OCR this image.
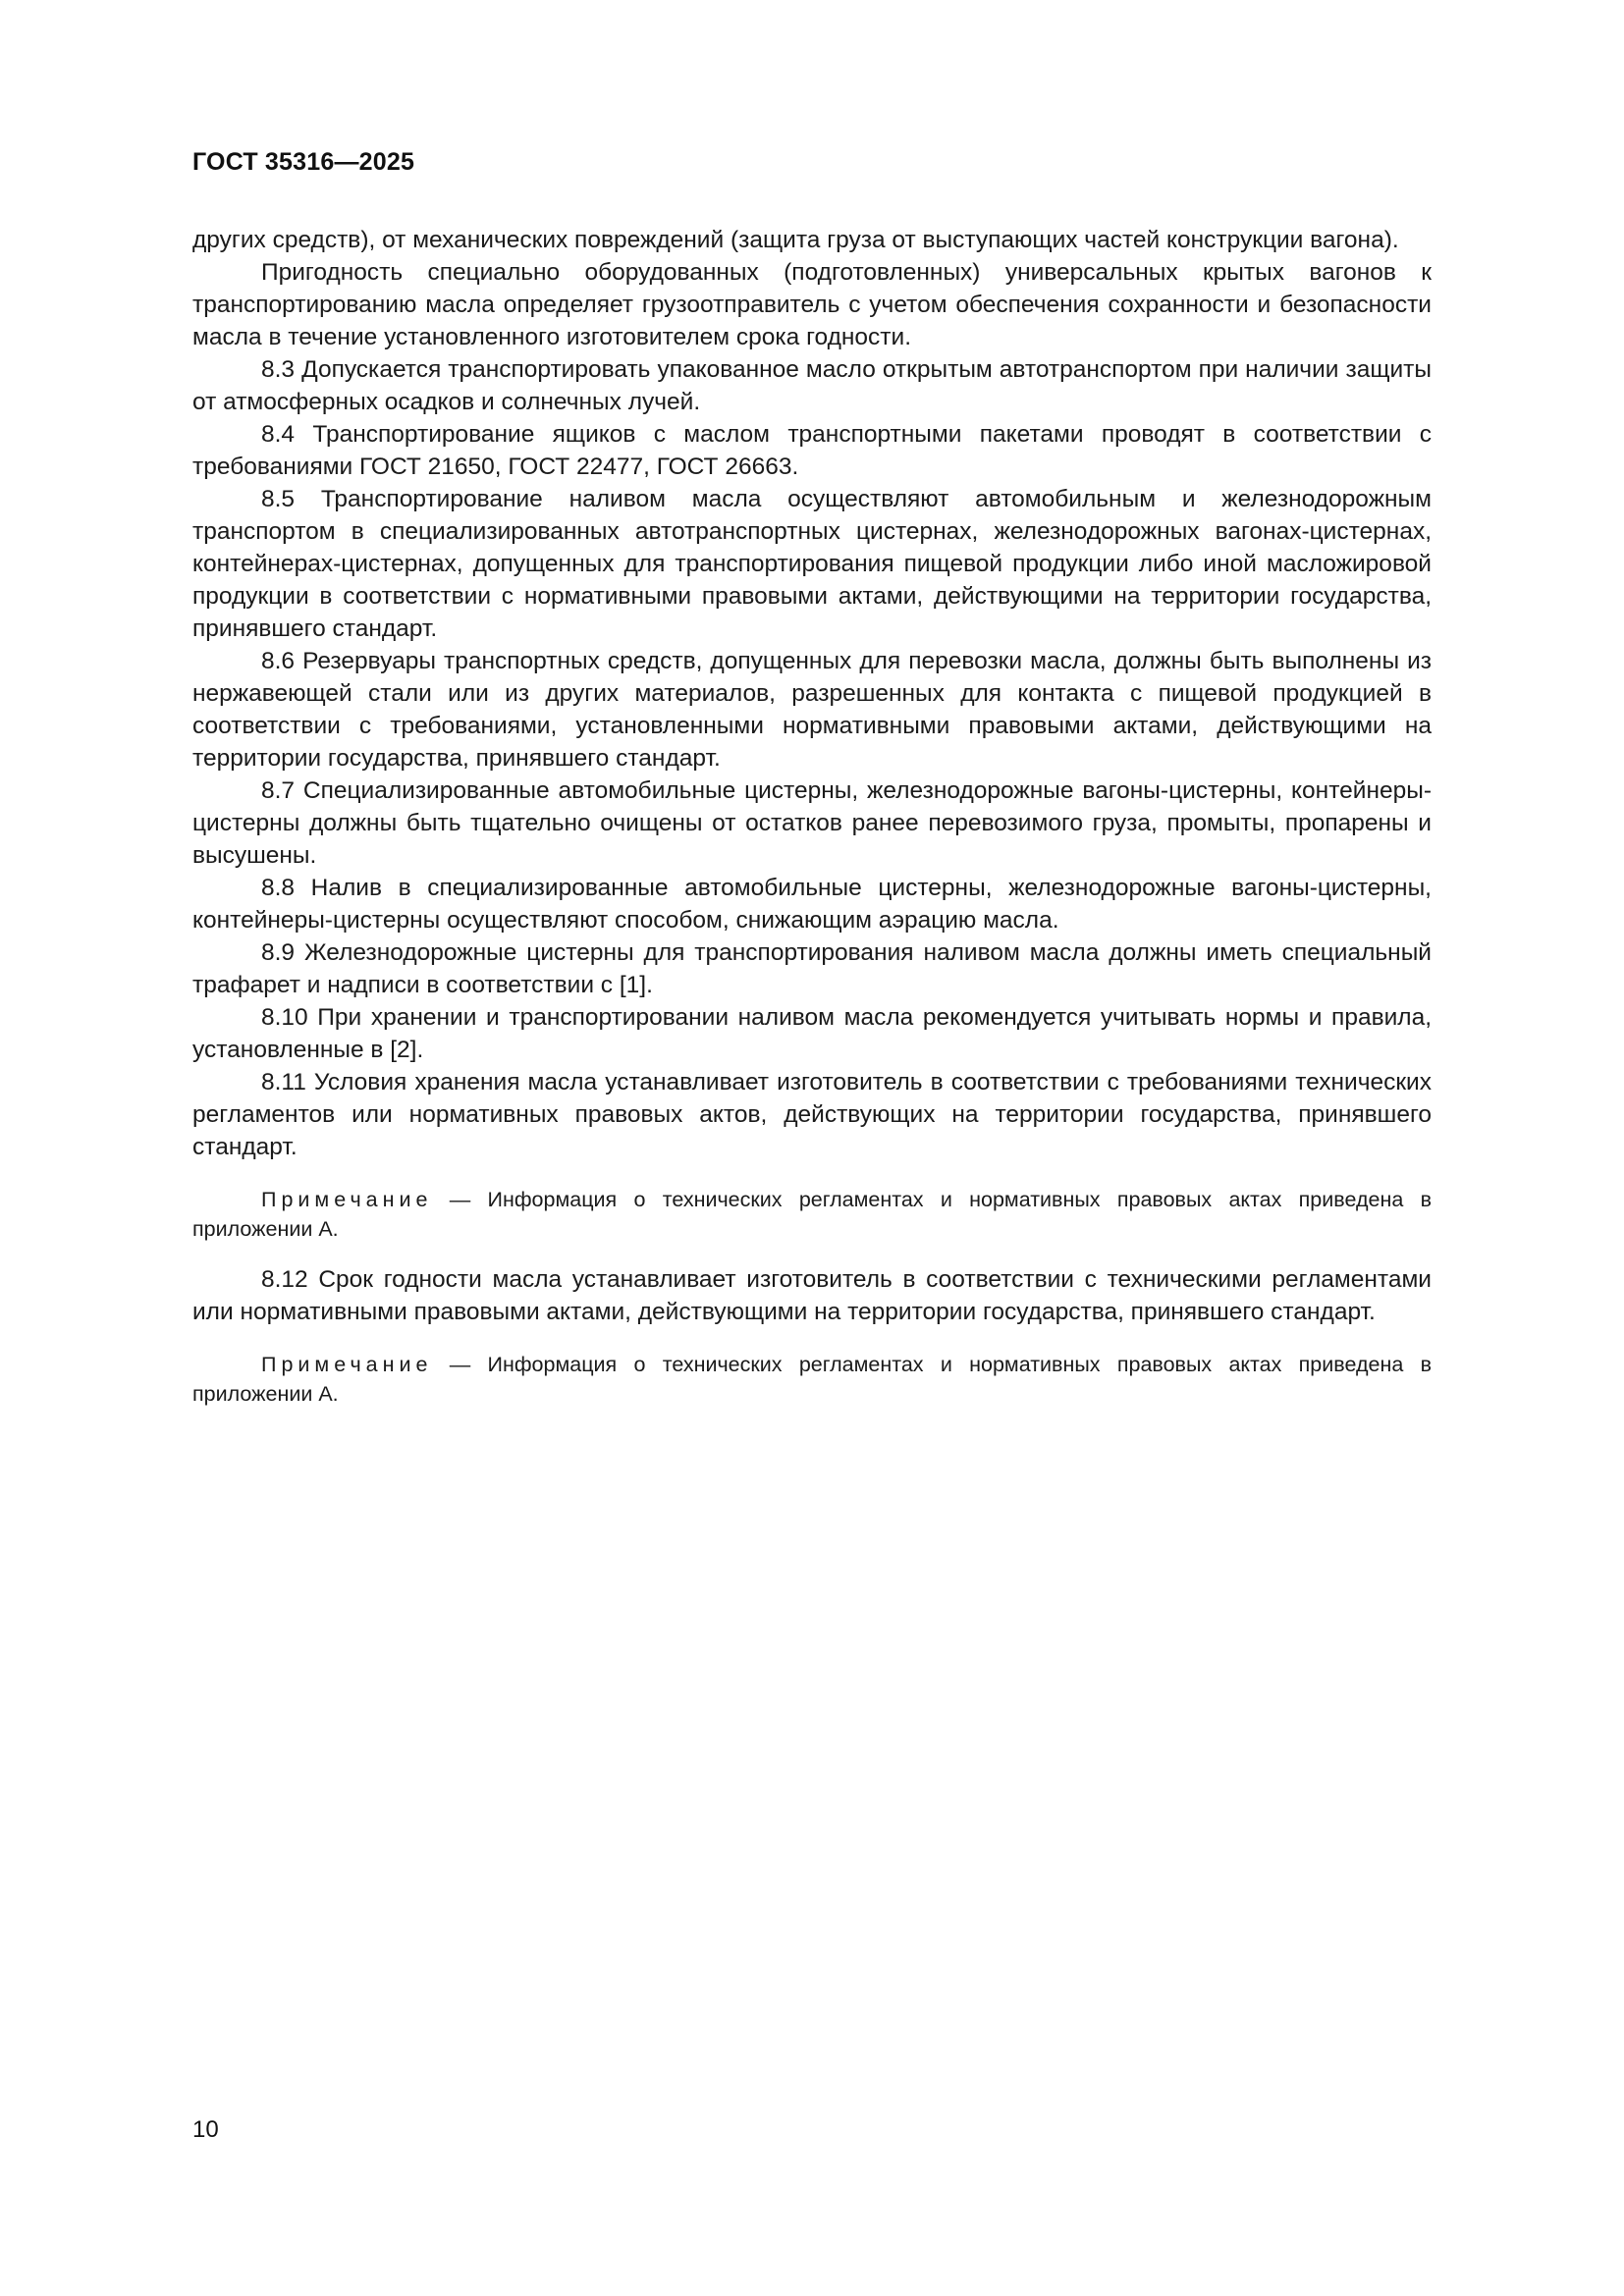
ГОСТ 35316—2025

других средств), от механических повреждений (защита груза от выступающих частей конструкции вагона).

Пригодность специально оборудованных (подготовленных) универсальных крытых вагонов к транспортированию масла определяет грузоотправитель с учетом обеспечения сохранности и безопасности масла в течение установленного изготовителем срока годности.

8.3 Допускается транспортировать упакованное масло открытым автотранспортом при наличии защиты от атмосферных осадков и солнечных лучей.

8.4 Транспортирование ящиков с маслом транспортными пакетами проводят в соответствии с требованиями ГОСТ 21650, ГОСТ 22477, ГОСТ 26663.

8.5 Транспортирование наливом масла осуществляют автомобильным и железнодорожным транспортом в специализированных автотранспортных цистернах, железнодорожных вагонах-цистернах, контейнерах-цистернах, допущенных для транспортирования пищевой продукции либо иной масложировой продукции в соответствии с нормативными правовыми актами, действующими на территории государства, принявшего стандарт.

8.6 Резервуары транспортных средств, допущенных для перевозки масла, должны быть выполнены из нержавеющей стали или из других материалов, разрешенных для контакта с пищевой продукцией в соответствии с требованиями, установленными нормативными правовыми актами, действующими на территории государства, принявшего стандарт.

8.7 Специализированные автомобильные цистерны, железнодорожные вагоны-цистерны, контейнеры-цистерны должны быть тщательно очищены от остатков ранее перевозимого груза, промыты, пропарены и высушены.

8.8 Налив в специализированные автомобильные цистерны, железнодорожные вагоны-цистерны, контейнеры-цистерны осуществляют способом, снижающим аэрацию масла.

8.9 Железнодорожные цистерны для транспортирования наливом масла должны иметь специальный трафарет и надписи в соответствии с [1].

8.10 При хранении и транспортировании наливом масла рекомендуется учитывать нормы и правила, установленные в [2].

8.11 Условия хранения масла устанавливает изготовитель в соответствии с требованиями технических регламентов или нормативных правовых актов, действующих на территории государства, принявшего стандарт.

Примечание — Информация о технических регламентах и нормативных правовых актах приведена в приложении А.

8.12 Срок годности масла устанавливает изготовитель в соответствии с техническими регламентами или нормативными правовыми актами, действующими на территории государства, принявшего стандарт.

Примечание — Информация о технических регламентах и нормативных правовых актах приведена в приложении А.

10
